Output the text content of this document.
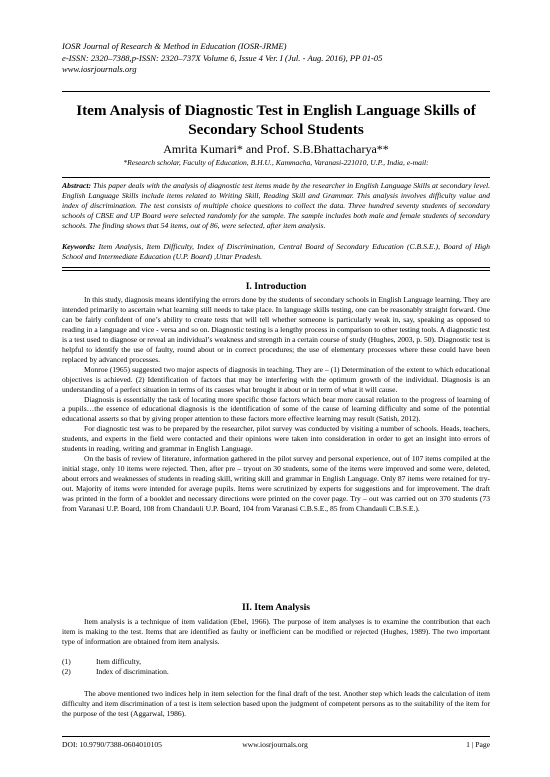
IOSR Journal of Research & Method in Education (IOSR-JRME)
e-ISSN: 2320–7388,p-ISSN: 2320–737X Volume 6, Issue 4 Ver. I (Jul. - Aug. 2016), PP 01-05
www.iosrjournals.org
Item Analysis of Diagnostic Test in English Language Skills of Secondary School Students
Amrita Kumari* and Prof. S.B.Bhattacharya**
*Research scholar, Faculty of Education, B.H.U., Kammacha, Varanasi-221010, U.P., India, e-mail:
Abstract: This paper deals with the analysis of diagnostic test items made by the researcher in English Language Skills at secondary level. English Language Skills include items related to Writing Skill, Reading Skill and Grammar. This analysis involves difficulty value and index of discrimination. The test consists of multiple choice questions to collect the data. Three hundred seventy students of secondary schools of CBSE and UP Board were selected randomly for the sample. The sample includes both male and female students of secondary schools. The finding shows that 54 items, out of 86, were selected, after item analysis.
Keywords: Item Analysis, Item Difficulty, Index of Discrimination, Central Board of Secondary Education (C.B.S.E.), Board of High School and Intermediate Education (U.P. Board) ,Uttar Pradesh.
I. Introduction

In this study, diagnosis means identifying the errors done by the students of secondary schools in English Language learning. They are intended primarily to ascertain what learning still needs to take place. In language skills testing, one can be reasonably straight forward. One can be fairly confident of one’s ability to create tests that will tell whether someone is particularly weak in, say, speaking as opposed to reading in a language and vice - versa and so on. Diagnostic testing is a lengthy process in comparison to other testing tools. A diagnostic test is a test used to diagnose or reveal an individual’s weakness and strength in a certain course of study (Hughes, 2003, p. 50). Diagnostic test is helpful to identify the use of faulty, round about or in correct procedures; the use of elementary processes where these could have been replaced by advanced processes.

Monroe (1965) suggested two major aspects of diagnosis in teaching. They are – (1) Determination of the extent to which educational objectives is achieved. (2) Identification of factors that may be interfering with the optimum growth of the individual. Diagnosis is an understanding of a perfect situation in terms of its causes what brought it about or in term of what it will cause.

Diagnosis is essentially the task of locating more specific those factors which bear more causal relation to the progress of learning of a pupils…the essence of educational diagnosis is the identification of some of the cause of learning difficulty and some of the potential educational asserts so that by giving proper attention to these factors more effective learning may result (Satish, 2012).

For diagnostic test was to be prepared by the researcher, pilot survey was conducted by visiting a number of schools. Heads, teachers, students, and experts in the field were contacted and their opinions were taken into consideration in order to get an insight into errors of students in reading, writing and grammar in English Language.

On the basis of review of literature, information gathered in the pilot survey and personal experience, out of 107 items compiled at the initial stage, only 10 items were rejected. Then, after pre – tryout on 30 students, some of the items were improved and some were, deleted, about errors and weaknesses of students in reading skill, writing skill and grammar in English Language. Only 87 items were retained for try-out. Majority of items were intended for average pupils. Items were scrutinized by experts for suggestions and for improvement. The draft was printed in the form of a booklet and necessary directions were printed on the cover page. Try – out was carried out on 370 students (73 from Varanasi U.P. Board, 108 from Chandauli U.P. Board, 104 from Varanasi C.B.S.E., 85 from Chandauli C.B.S.E.).

II. Item Analysis

Item analysis is a technique of item validation (Ebel, 1966). The purpose of item analyses is to examine the contribution that each item is making to the test. Items that are identified as faulty or inefficient can be modified or rejected (Hughes, 1989). The two important type of information are obtained from item analysis.

(1)	Item difficulty,
(2)	Index of discrimination.

The above mentioned two indices help in item selection for the final draft of the test. Another step which leads the calculation of item difficulty and item discrimination of a test is item selection based upon the judgment of competent persons as to the suitability of the item for the purpose of the test (Aggarwal, 1986).

DOI: 10.9790/7388-0604010105	www.iosrjournals.org	1 | Page
